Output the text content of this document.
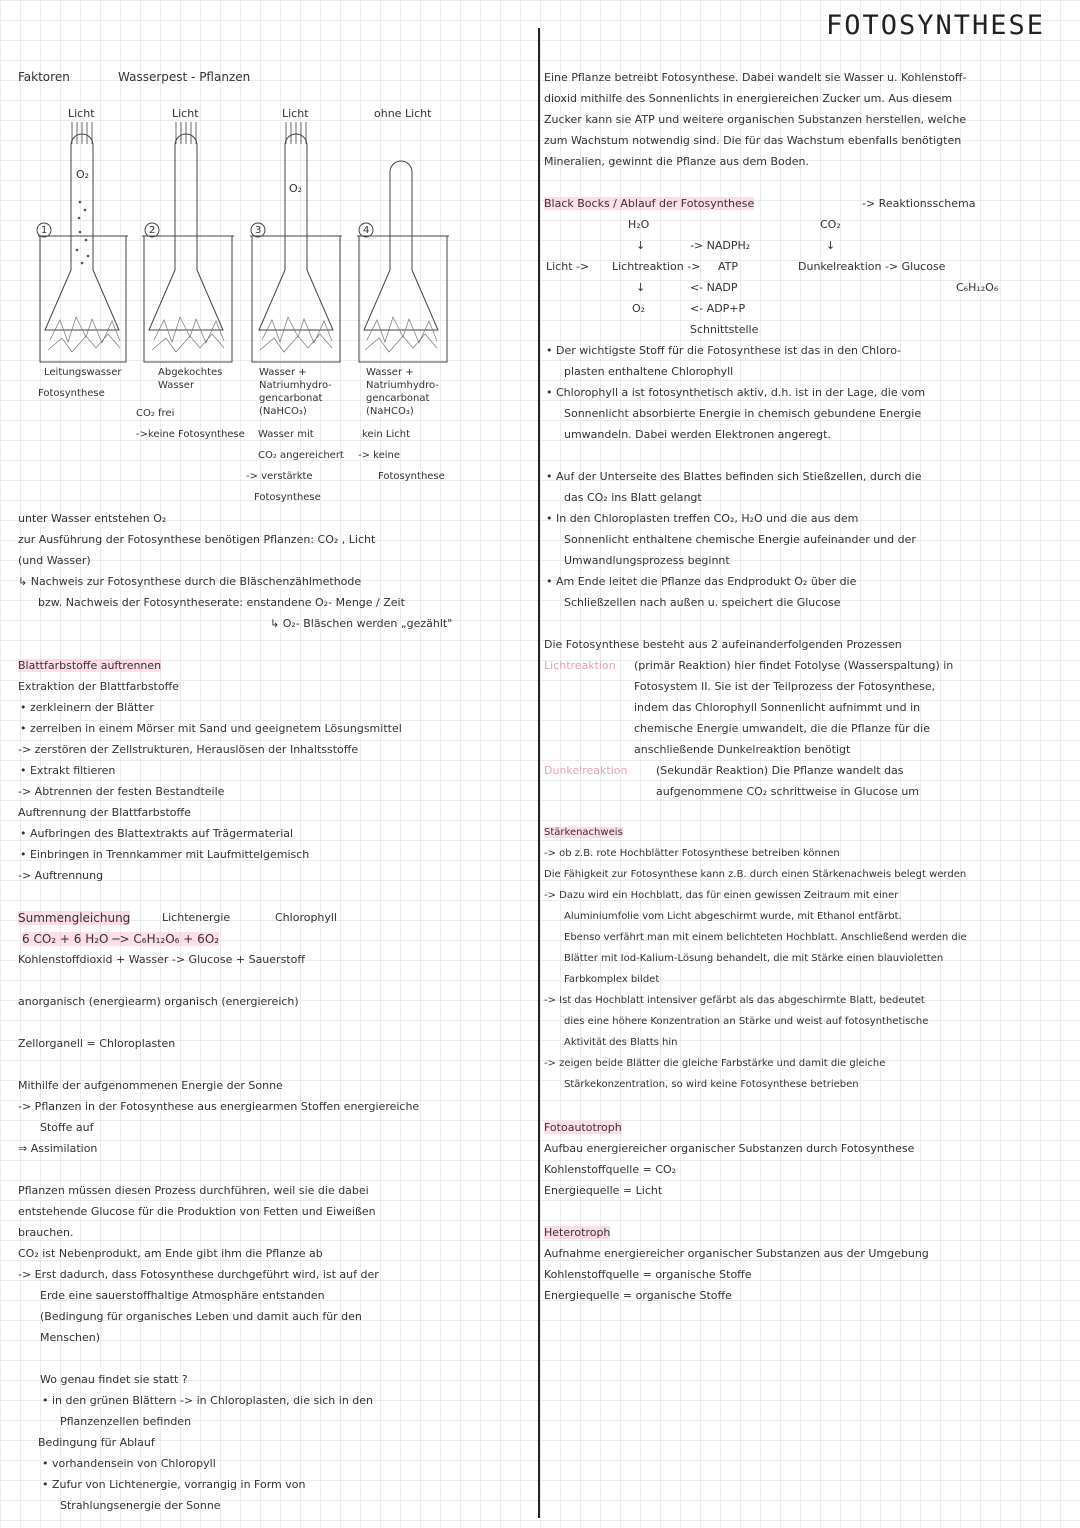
FOTOSYNTHESE
Faktoren	Wasserpest - Pflanzen
Licht
O₂
1
Leitungswasser
Fotosynthese
Licht
2
Abgekochtes
Wasser
CO₂ frei
->keine Fotosynthese
Licht
O₂
3
Wasser +
Natriumhydro-
gencarbonat
(NaHCO₃)
Wasser mit
CO₂ angereichert
-> verstärkte
Fotosynthese
ohne Licht
4
Wasser +
Natriumhydro-
gencarbonat
(NaHCO₃)
kein Licht
-> keine
Fotosynthese
unter Wasser entstehen O₂
zur Ausführung der Fotosynthese benötigen Pflanzen: CO₂ , Licht
(und Wasser)
↳ Nachweis zur Fotosynthese durch die Bläschenzählmethode
bzw. Nachweis der Fotosyntheserate: enstandene O₂- Menge / Zeit
↳ O₂- Bläschen werden „gezählt"
Blattfarbstoffe auftrennen
Extraktion der Blattfarbstoffe
• zerkleinern der Blätter
• zerreiben in einem Mörser mit Sand und geeignetem Lösungsmittel
-> zerstören der Zellstrukturen, Herauslösen der Inhaltsstoffe
• Extrakt filtieren
-> Abtrennen der festen Bestandteile
Auftrennung der Blattfarbstoffe
• Aufbringen des Blattextrakts auf Trägermaterial
• Einbringen in Trennkammer mit Laufmittelgemisch
-> Auftrennung
Summengleichung	Lichtenergie	Chlorophyll
6 CO₂ + 6 H₂O ─> C₆H₁₂O₆ + 6O₂
Kohlenstoffdioxid + Wasser -> Glucose + Sauerstoff
anorganisch (energiearm) organisch (energiereich)
Zellorganell = Chloroplasten
Mithilfe der aufgenommenen Energie der Sonne
-> Pflanzen in der Fotosynthese aus energiearmen Stoffen energiereiche
Stoffe auf
⇒ Assimilation
Pflanzen müssen diesen Prozess durchführen, weil sie die dabei
entstehende Glucose für die Produktion von Fetten und Eiweißen
brauchen.
CO₂ ist Nebenprodukt, am Ende gibt ihm die Pflanze ab
-> Erst dadurch, dass Fotosynthese durchgeführt wird, ist auf der
Erde eine sauerstoffhaltige Atmosphäre entstanden
(Bedingung für organisches Leben und damit auch für den
Menschen)
Wo genau findet sie statt ?
• in den grünen Blättern -> in Chloroplasten, die sich in den
Pflanzenzellen befinden
Bedingung für Ablauf
• vorhandensein von Chloropyll
• Zufur von Lichtenergie, vorrangig in Form von
Strahlungsenergie der Sonne
Eine Pflanze betreibt Fotosynthese. Dabei wandelt sie Wasser u. Kohlenstoff-
dioxid mithilfe des Sonnenlichts in energiereichen Zucker um. Aus diesem
Zucker kann sie ATP und weitere organischen Substanzen herstellen, welche
zum Wachstum notwendig sind. Die für das Wachstum ebenfalls benötigten
Mineralien, gewinnt die Pflanze aus dem Boden.
Black Bocks / Ablauf der Fotosynthese	-> Reaktionsschema
H₂O	CO₂
↓	↓
-> NADPH₂
Licht -> Lichtreaktion -> ATP	Dunkelreaktion -> Glucose
↓	<- NADP	C₆H₁₂O₆
O₂	<- ADP+P
Schnittstelle
• Der wichtigste Stoff für die Fotosynthese ist das in den Chloro-
plasten enthaltene Chlorophyll
• Chlorophyll a ist fotosynthetisch aktiv, d.h. ist in der Lage, die vom
Sonnenlicht absorbierte Energie in chemisch gebundene Energie
umwandeln. Dabei werden Elektronen angeregt.
• Auf der Unterseite des Blattes befinden sich Stießzellen, durch die
das CO₂ ins Blatt gelangt
• In den Chloroplasten treffen CO₂, H₂O und die aus dem
Sonnenlicht enthaltene chemische Energie aufeinander und der
Umwandlungsprozess beginnt
• Am Ende leitet die Pflanze das Endprodukt O₂ über die
Schließzellen nach außen u. speichert die Glucose
Die Fotosynthese besteht aus 2 aufeinanderfolgenden Prozessen
Lichtreaktion (primär Reaktion) hier findet Fotolyse (Wasserspaltung) in
Fotosystem II. Sie ist der Teilprozess der Fotosynthese,
indem das Chlorophyll Sonnenlicht aufnimmt und in
chemische Energie umwandelt, die die Pflanze für die
anschließende Dunkelreaktion benötigt
Dunkelreaktion	(Sekundär Reaktion) Die Pflanze wandelt das
aufgenommene CO₂ schrittweise in Glucose um
Stärkenachweis
-> ob z.B. rote Hochblätter Fotosynthese betreiben können
Die Fähigkeit zur Fotosynthese kann z.B. durch einen Stärkenachweis belegt werden
-> Dazu wird ein Hochblatt, das für einen gewissen Zeitraum mit einer
Aluminiumfolie vom Licht abgeschirmt wurde, mit Ethanol entfärbt.
Ebenso verfährt man mit einem belichteten Hochblatt. Anschließend werden die
Blätter mit Iod-Kalium-Lösung behandelt, die mit Stärke einen blauvioletten
Farbkomplex bildet
-> Ist das Hochblatt intensiver gefärbt als das abgeschirmte Blatt, bedeutet
dies eine höhere Konzentration an Stärke und weist auf fotosynthetische
Aktivität des Blatts hin
-> zeigen beide Blätter die gleiche Farbstärke und damit die gleiche
Stärkekonzentration, so wird keine Fotosynthese betrieben
Fotoautotroph
Aufbau energiereicher organischer Substanzen durch Fotosynthese
Kohlenstoffquelle = CO₂
Energiequelle = Licht
Heterotroph
Aufnahme energiereicher organischer Substanzen aus der Umgebung
Kohlenstoffquelle = organische Stoffe
Energiequelle = organische Stoffe
